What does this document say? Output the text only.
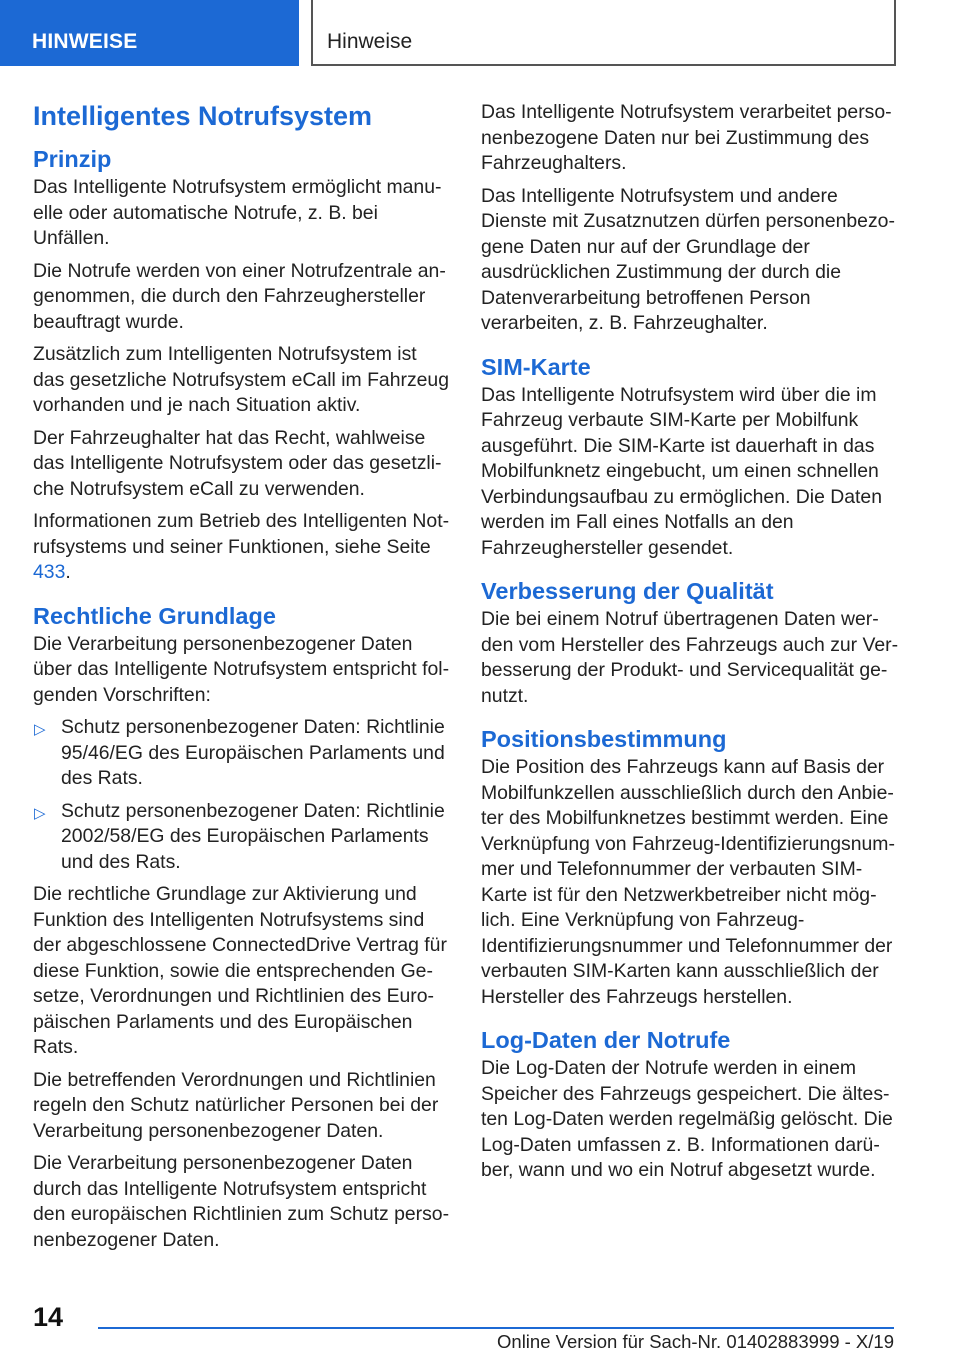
HINWEISE	Hinweise
Intelligentes Notrufsystem
Prinzip

Das Intelligente Notrufsystem ermöglicht manuelle oder automatische Notrufe, z. B. bei Unfällen.

Die Notrufe werden von einer Notrufzentrale angenommen, die durch den Fahrzeughersteller beauftragt wurde.

Zusätzlich zum Intelligenten Notrufsystem ist das gesetzliche Notrufsystem eCall im Fahrzeug vorhanden und je nach Situation aktiv.

Der Fahrzeughalter hat das Recht, wahlweise das Intelligente Notrufsystem oder das gesetzliche Notrufsystem eCall zu verwenden.

Informationen zum Betrieb des Intelligenten Notrufsystems und seiner Funktionen, siehe Seite 433.

Rechtliche Grundlage

Die Verarbeitung personenbezogener Daten über das Intelligente Notrufsystem entspricht folgenden Vorschriften:

▷ Schutz personenbezogener Daten: Richtlinie 95/46/EG des Europäischen Parlaments und des Rats.
▷ Schutz personenbezogener Daten: Richtlinie 2002/58/EG des Europäischen Parlaments und des Rats.

Die rechtliche Grundlage zur Aktivierung und Funktion des Intelligenten Notrufsystems sind der abgeschlossene ConnectedDrive Vertrag für diese Funktion, sowie die entsprechenden Gesetze, Verordnungen und Richtlinien des Europäischen Parlaments und des Europäischen Rats.

Die betreffenden Verordnungen und Richtlinien regeln den Schutz natürlicher Personen bei der Verarbeitung personenbezogener Daten.

Die Verarbeitung personenbezogener Daten durch das Intelligente Notrufsystem entspricht den europäischen Richtlinien zum Schutz personenbezogener Daten.

Das Intelligente Notrufsystem verarbeitet personenbezogene Daten nur bei Zustimmung des Fahrzeughalters.

Das Intelligente Notrufsystem und andere Dienste mit Zusatznutzen dürfen personenbezogene Daten nur auf der Grundlage der ausdrücklichen Zustimmung der durch die Datenverarbeitung betroffenen Person verarbeiten, z. B. Fahrzeughalter.

SIM-Karte

Das Intelligente Notrufsystem wird über die im Fahrzeug verbaute SIM-Karte per Mobilfunk ausgeführt. Die SIM-Karte ist dauerhaft in das Mobilfunknetz eingebucht, um einen schnellen Verbindungsaufbau zu ermöglichen. Die Daten werden im Fall eines Notfalls an den Fahrzeughersteller gesendet.

Verbesserung der Qualität

Die bei einem Notruf übertragenen Daten werden vom Hersteller des Fahrzeugs auch zur Verbesserung der Produkt- und Servicequalität genutzt.

Positionsbestimmung

Die Position des Fahrzeugs kann auf Basis der Mobilfunkzellen ausschließlich durch den Anbieter des Mobilfunknetzes bestimmt werden. Eine Verknüpfung von Fahrzeug-Identifizierungsnummer und Telefonnummer der verbauten SIM-Karte ist für den Netzwerkbetreiber nicht möglich. Eine Verknüpfung von Fahrzeug-Identifizierungsnummer und Telefonnummer der verbauten SIM-Karten kann ausschließlich der Hersteller des Fahrzeugs herstellen.

Log-Daten der Notrufe

Die Log-Daten der Notrufe werden in einem Speicher des Fahrzeugs gespeichert. Die ältesten Log-Daten werden regelmäßig gelöscht. Die Log-Daten umfassen z. B. Informationen darüber, wann und wo ein Notruf abgesetzt wurde.

14
Online Version für Sach-Nr. 01402883999 - X/19
